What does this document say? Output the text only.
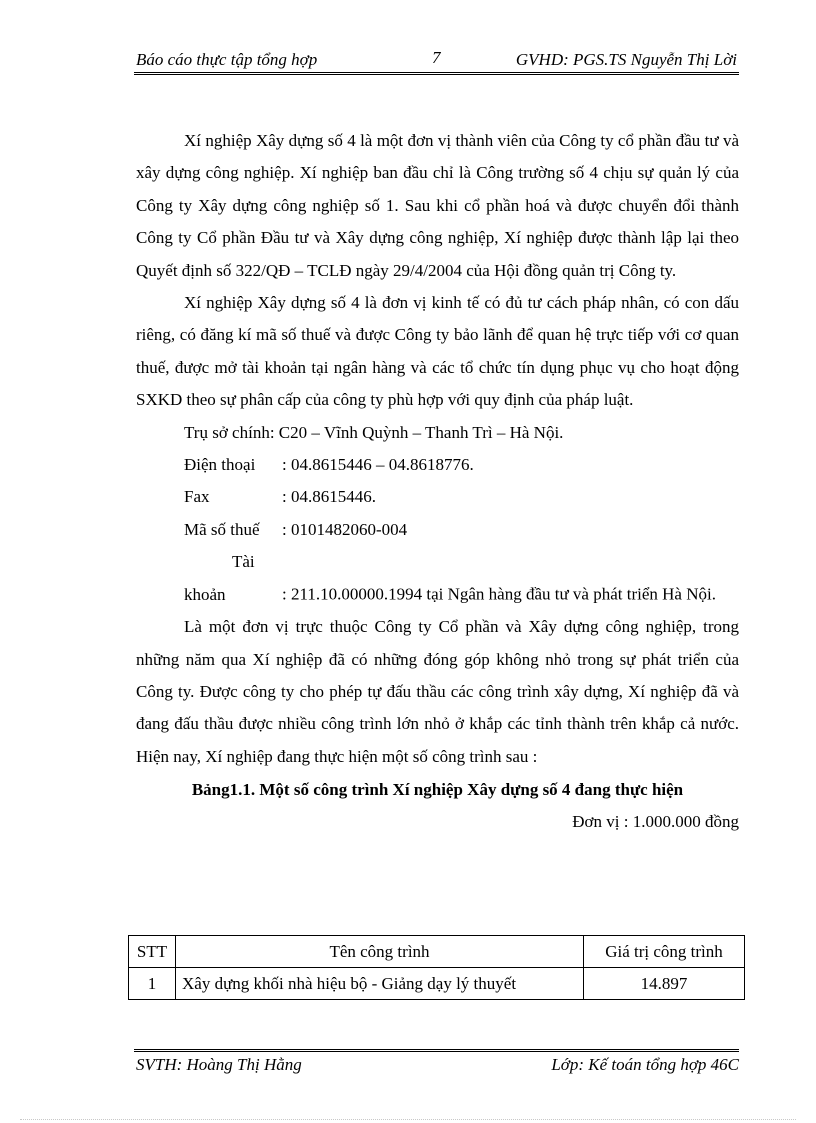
Báo cáo thực tập tổng hợp	7	GVHD: PGS.TS Nguyễn Thị Lời

Xí nghiệp Xây dựng số 4 là một đơn vị thành viên của Công ty cổ phần đầu tư và xây dựng công nghiệp. Xí nghiệp ban đầu chỉ là Công trường số 4 chịu sự quản lý của Công ty Xây dựng công nghiệp số 1. Sau khi cổ phần hoá và được chuyển đổi thành Công ty Cổ phần Đầu tư và Xây dựng công nghiệp, Xí nghiệp được thành lập lại theo Quyết định số 322/QĐ – TCLĐ ngày 29/4/2004 của Hội đồng quản trị Công ty.

Xí nghiệp Xây dựng số 4 là đơn vị kinh tế có đủ tư cách pháp nhân, có con dấu riêng, có đăng kí mã số thuế và được Công ty bảo lãnh để quan hệ trực tiếp với cơ quan thuế, được mở tài khoản tại ngân hàng và các tổ chức tín dụng phục vụ cho hoạt động SXKD theo sự phân cấp của công ty phù hợp với quy định của pháp luật.

Trụ sở chính: C20 – Vĩnh Quỳnh – Thanh Trì – Hà Nội.

Điện thoại : 04.8615446 – 04.8618776.

Fax	: 04.8615446.

Mã số thuế : 0101482060-004

Tài khoản	: 211.10.00000.1994 tại Ngân hàng đầu tư và phát triển Hà Nội.

Là một đơn vị trực thuộc Công ty Cổ phần và Xây dựng công nghiệp, trong những năm qua Xí nghiệp đã có những đóng góp không nhỏ trong sự phát triển của Công ty. Được công ty cho phép tự đấu thầu các công trình xây dựng, Xí nghiệp đã và đang đấu thầu được nhiều công trình lớn nhỏ ở khắp các tỉnh thành trên khắp cả nước. Hiện nay, Xí nghiệp đang thực hiện một số công trình sau :

Bảng1.1. Một số công trình Xí nghiệp Xây dựng số 4 đang thực hiện

Đơn vị : 1.000.000 đồng

STT	Tên công trình	Giá trị công trình
1	Xây dựng khối nhà hiệu bộ - Giảng dạy lý thuyết	14.897
SVTH: Hoàng Thị Hằng	Lớp: Kế toán tổng hợp 46C
